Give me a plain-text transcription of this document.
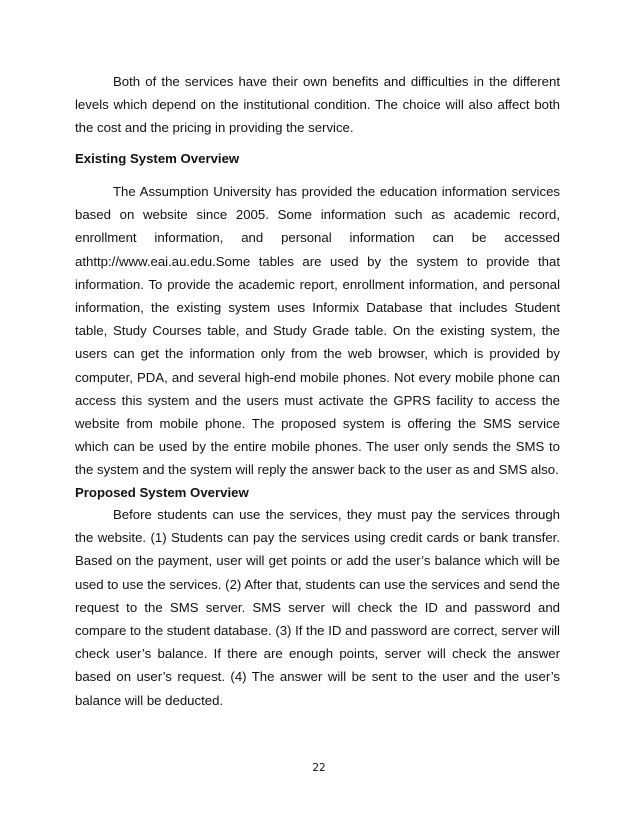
Both of the services have their own benefits and difficulties in the different levels which depend on the institutional condition. The choice will also affect both the cost and the pricing in providing the service.

Existing System Overview

The Assumption University has provided the education information services based on website since 2005. Some information such as academic record, enrollment information, and personal information can be accessed athttp://www.eai.au.edu.Some tables are used by the system to provide that information. To provide the academic report, enrollment information, and personal information, the existing system uses Informix Database that includes Student table, Study Courses table, and Study Grade table. On the existing system, the users can get the information only from the web browser, which is provided by computer, PDA, and several high-end mobile phones. Not every mobile phone can access this system and the users must activate the GPRS facility to access the website from mobile phone. The proposed system is offering the SMS service which can be used by the entire mobile phones. The user only sends the SMS to the system and the system will reply the answer back to the user as and SMS also.

Proposed System Overview

Before students can use the services, they must pay the services through the website. (1) Students can pay the services using credit cards or bank transfer. Based on the payment, user will get points or add the user’s balance which will be used to use the services. (2) After that, students can use the services and send the request to the SMS server. SMS server will check the ID and password and compare to the student database. (3) If the ID and password are correct, server will check user’s balance. If there are enough points, server will check the answer based on user’s request. (4) The answer will be sent to the user and the user’s balance will be deducted.

22
